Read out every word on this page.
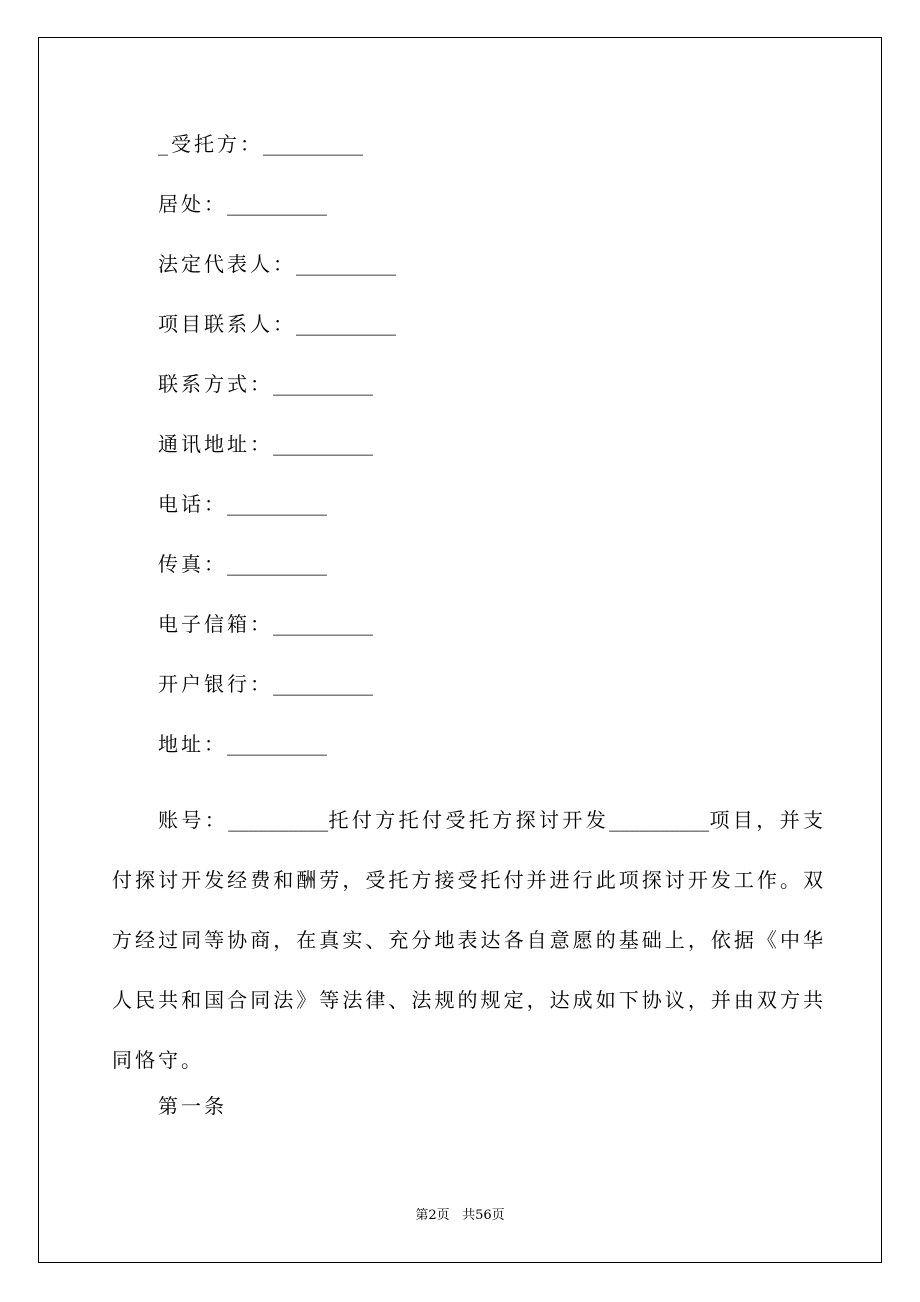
_受托方：__________
居处：__________
法定代表人：__________
项目联系人：__________
联系方式：__________
通讯地址：__________
电话：__________
传真：__________
电子信箱：__________
开户银行：__________
地址：__________
账号：__________托付方托付受托方探讨开发__________项目，并支付探讨开发经费和酬劳，受托方接受托付并进行此项探讨开发工作。双方经过同等协商，在真实、充分地表达各自意愿的基础上，依据《中华人民共和国合同法》等法律、法规的规定，达成如下协议，并由双方共同恪守。
第一条
第2页 共56页
